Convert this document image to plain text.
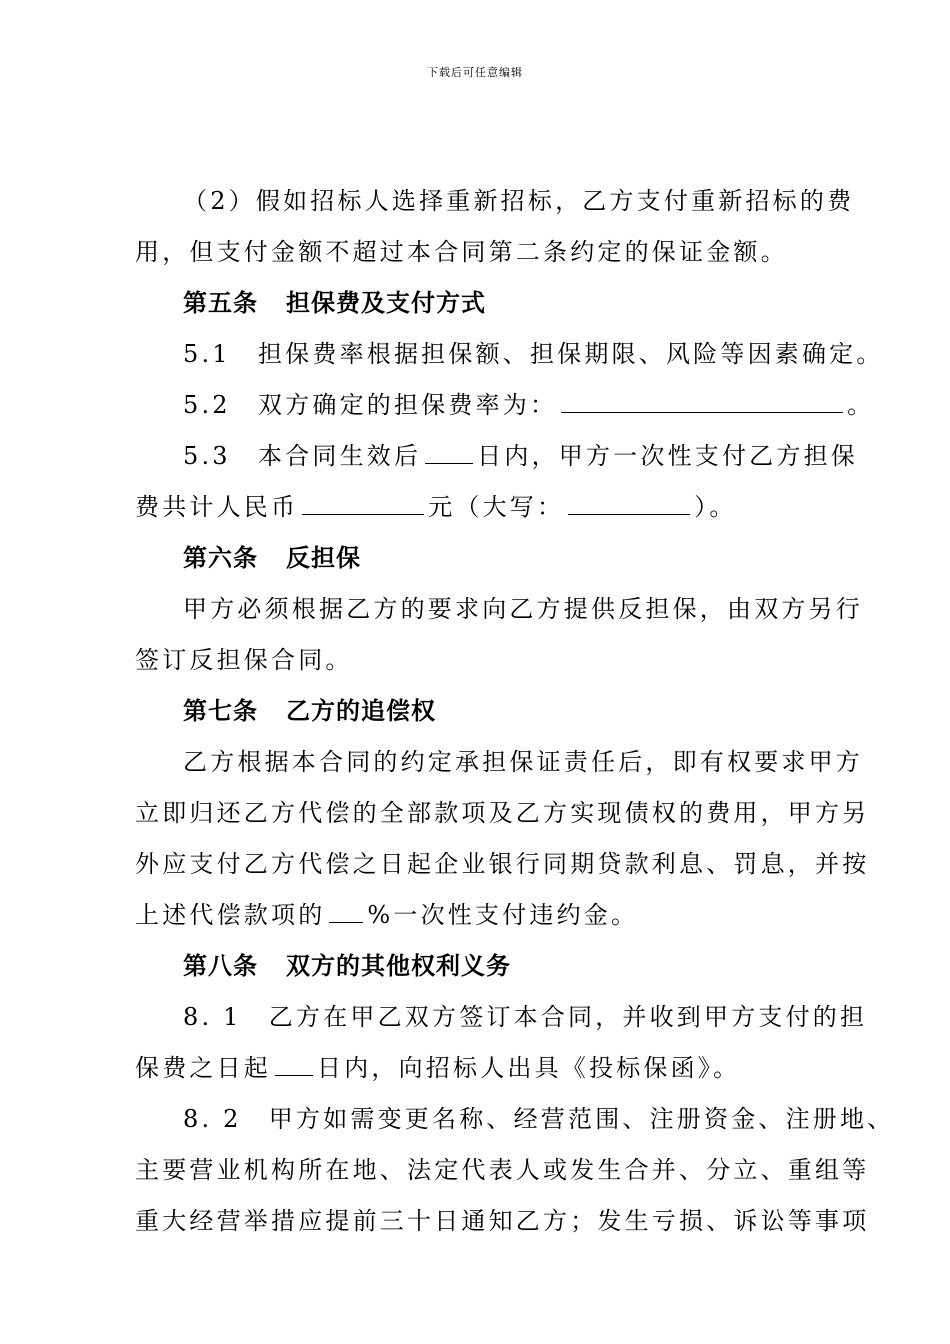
下载后可任意编辑
（2）假如招标人选择重新招标，乙方支付重新招标的费
用，但支付金额不超过本合同第二条约定的保证金额。
第五条 担保费及支付方式
5.1　担保费率根据担保额、担保期限、风险等因素确定。
5.2　双方确定的担保费率为：	。
5.3　本合同生效后 日内，甲方一次性支付乙方担保
费共计人民币	元（大写：	）。
第六条 反担保
甲方必须根据乙方的要求向乙方提供反担保，由双方另行
签订反担保合同。
第七条 乙方的追偿权
乙方根据本合同的约定承担保证责任后，即有权要求甲方
立即归还乙方代偿的全部款项及乙方实现债权的费用，甲方另
外应支付乙方代偿之日起企业银行同期贷款利息、罚息，并按
上述代偿款项的 %一次性支付违约金。
第八条 双方的其他权利义务
8. 1　乙方在甲乙双方签订本合同，并收到甲方支付的担
保费之日起 日内，向招标人出具《投标保函》。
8. 2　甲方如需变更名称、经营范围、注册资金、注册地、
主要营业机构所在地、法定代表人或发生合并、分立、重组等
重大经营举措应提前三十日通知乙方；发生亏损、诉讼等事项
